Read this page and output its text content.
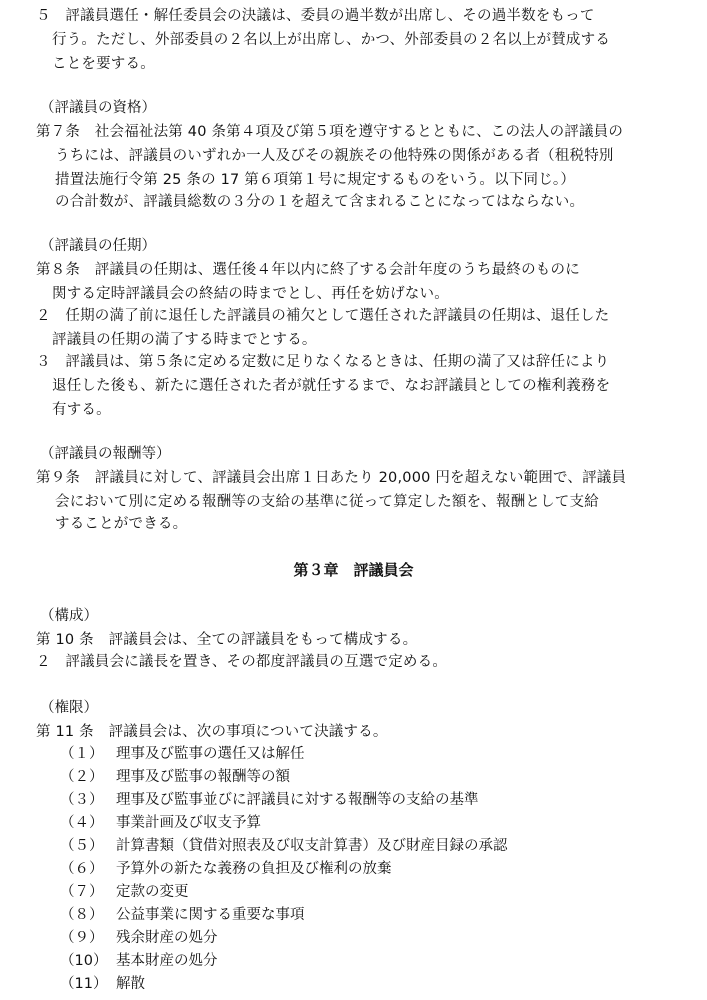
５　評議員選任・解任委員会の決議は、委員の過半数が出席し、その過半数をもって
行う。ただし、外部委員の２名以上が出席し、かつ、外部委員の２名以上が賛成する
ことを要する。
（評議員の資格）
第７条　社会福祉法第 40 条第４項及び第５項を遵守するとともに、この法人の評議員の
うちには、評議員のいずれか一人及びその親族その他特殊の関係がある者（租税特別
措置法施行令第 25 条の 17 第６項第１号に規定するものをいう。以下同じ。）
の合計数が、評議員総数の３分の１を超えて含まれることになってはならない。
（評議員の任期）
第８条　評議員の任期は、選任後４年以内に終了する会計年度のうち最終のものに
関する定時評議員会の終結の時までとし、再任を妨げない。
２　任期の満了前に退任した評議員の補欠として選任された評議員の任期は、退任した
評議員の任期の満了する時までとする。
３　評議員は、第５条に定める定数に足りなくなるときは、任期の満了又は辞任により
退任した後も、新たに選任された者が就任するまで、なお評議員としての権利義務を
有する。
（評議員の報酬等）
第９条　評議員に対して、評議員会出席１日あたり 20,000 円を超えない範囲で、評議員
会において別に定める報酬等の支給の基準に従って算定した額を、報酬として支給
することができる。
第３章　評議員会
（構成）
第 10 条　評議員会は、全ての評議員をもって構成する。
２　評議員会に議長を置き、その都度評議員の互選で定める。
（権限）
第 11 条　評議員会は、次の事項について決議する。
（１） 理事及び監事の選任又は解任
（２） 理事及び監事の報酬等の額
（３） 理事及び監事並びに評議員に対する報酬等の支給の基準
（４） 事業計画及び収支予算
（５） 計算書類（貸借対照表及び収支計算書）及び財産目録の承認
（６） 予算外の新たな義務の負担及び権利の放棄
（７） 定款の変更
（８） 公益事業に関する重要な事項
（９） 残余財産の処分
（10） 基本財産の処分
（11） 解散
